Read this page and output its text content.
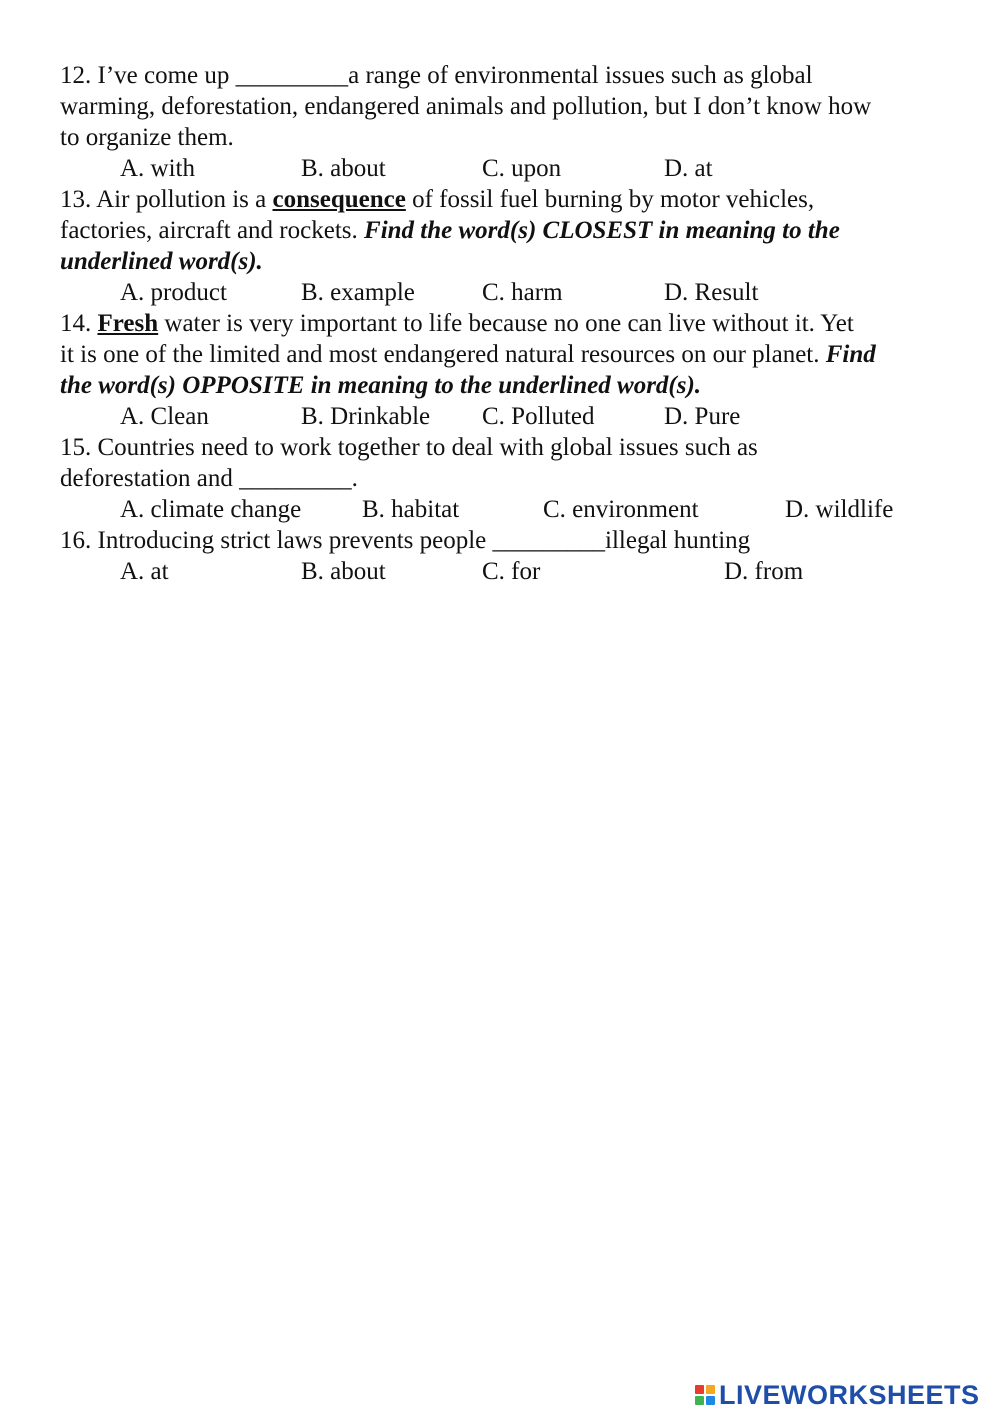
12. I’ve come up _________a range of environmental issues such as global
warming, deforestation, endangered animals and pollution, but I don’t know how
to organize them.
A. with	B. about	C. upon	D. at
13. Air pollution is a consequence of fossil fuel burning by motor vehicles,
factories, aircraft and rockets. Find the word(s) CLOSEST in meaning to the
underlined word(s).
A. product	B. example	C. harm	D. Result
14. Fresh water is very important to life because no one can live without it. Yet
it is one of the limited and most endangered natural resources on our planet. Find
the word(s) OPPOSITE in meaning to the underlined word(s).
A. Clean	B. Drinkable C. Polluted	D. Pure
15. Countries need to work together to deal with global issues such as
deforestation and _________.
A. climate change B. habitat	C. environment	D. wildlife
16. Introducing strict laws prevents people _________illegal hunting
A. at	B. about	C. for	D. from
LIVEWORKSHEETS
